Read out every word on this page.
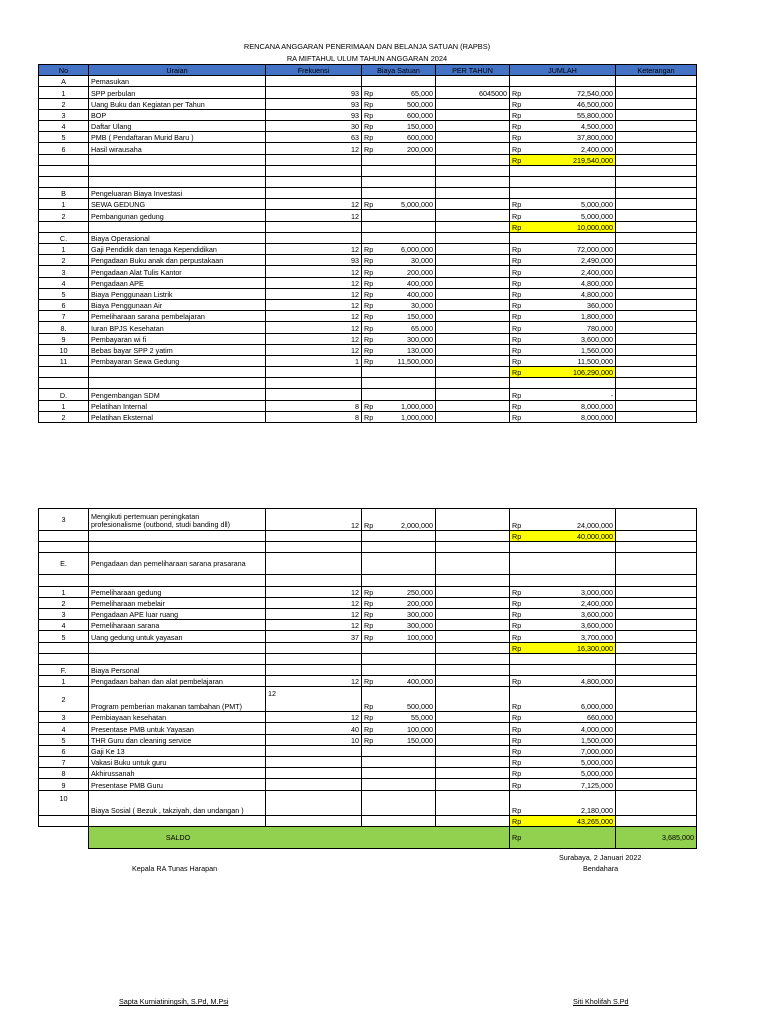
RENCANA ANGGARAN PENERIMAAN DAN BELANJA SATUAN (RAPBS)
RA MIFTAHUL ULUM TAHUN ANGGARAN 2024
No	Uraian	Frekuensi	Biaya Satuan	PER TAHUN	JUMLAH	Keterangan
A	Pemasukan					
1	SPP perbulan	93	Rp 65,000	6045000	Rp 72,540,000	
2	Uang Buku dan Kegiatan per Tahun	93	Rp 500,000		Rp 46,500,000	
3	BOP	93	Rp 600,000		Rp 55,800,000	
4	Daftar Ulang	30	Rp 150,000		Rp 4,500,000	
5	PMB ( Pendaftaran Murid Baru )	63	Rp 600,000		Rp 37,800,000	
6	Hasil wirausaha	12	Rp 200,000		Rp 2,400,000	

					Rp 219,540,000	

B	Pengeluaran Biaya Investasi					
1	SEWA GEDUNG	12	Rp 5,000,000		Rp 5,000,000	
2	Pembangunan gedung	12			Rp 5,000,000	

					Rp 10,000,000	
C.	Biaya Operasional					
1	Gaji Pendidik dan tenaga Kependidikan	12	Rp 6,000,000		Rp 72,000,000	
2	Pengadaan Buku anak dan perpustakaan	93	Rp 30,000		Rp 2,490,000	
3	Pengadaan Alat Tulis Kantor	12	Rp 200,000		Rp 2,400,000	
4	Pengadaan APE	12	Rp 400,000		Rp 4,800,000	
5	Biaya Penggunaan Listrik	12	Rp 400,000		Rp 4,800,000	
6	Biaya Penggunaan Air	12	Rp 30,000		Rp 360,000	
7	Pemeliharaan sarana pembelajaran	12	Rp 150,000		Rp 1,800,000	
8.	Iuran BPJS Kesehatan	12	Rp 65,000		Rp 780,000	
9	Pembayaran wi fi	12	Rp 300,000		Rp 3,600,000	
10	Bebas bayar SPP 2 yatim	12	Rp 130,000		Rp 1,560,000	
11	Pembayaran Sewa Gedung	1	Rp 11,500,000		Rp 11,500,000	

					Rp 106,290,000	

D.	Pengembangan SDM				Rp -	
1	Pelatihan Internal	8	Rp 1,000,000		Rp 8,000,000	
2	Pelatihan Eksternal	8	Rp 1,000,000		Rp 8,000,000	
3	Mengikuti pertemuan peningkatan
profesionalisme (outbond, studi banding dll)	12	Rp 2,000,000		Rp 24,000,000	

					Rp 40,000,000	

E.	Pengadaan dan pemeliharaan sarana prasarana					

1	Pemeliharaan gedung	12	Rp 250,000		Rp 3,000,000	
2	Pemeliharaan mebelair	12	Rp 200,000		Rp 2,400,000	
3	Pengadaan APE luar ruang	12	Rp 300,000		Rp 3,600,000	
4	Pemeliharaan sarana	12	Rp 300,000		Rp 3,600,000	
5	Uang gedung untuk yayasan	37	Rp 100,000		Rp 3,700,000	

					Rp 16,300,000	

F.	Biaya Personal					
1	Pengadaan bahan dan alat pembelajaran	12	Rp 400,000		Rp 4,800,000	
2	Program pemberian makanan tambahan (PMT)	12	Rp 500,000		Rp 6,000,000	
3	Pembiayaan kesehatan	12	Rp 55,000		Rp 660,000	
4	Presentase PMB untuk Yayasan	40	Rp 100,000		Rp 4,000,000	
5	THR Guru dan cleaning service	10	Rp 150,000		Rp 1,500,000	
6	Gaji Ke 13				Rp 7,000,000	
7	Vakasi Buku untuk guru				Rp 5,000,000	
8	Akhirussanah				Rp 5,000,000	
9	Presentase PMB Guru				Rp 7,125,000	
10	Biaya Sosial ( Bezuk , takziyah, dan undangan )				Rp 2,180,000	

					Rp 43,265,000	
	SALDO				Rp	3,685,000
Surabaya, 2 Januari 2022
Kepala RA Tunas Harapan	Bendahara
Sapta Kurniatiningsih, S.Pd, M.Psi	Siti Kholifah S.Pd
